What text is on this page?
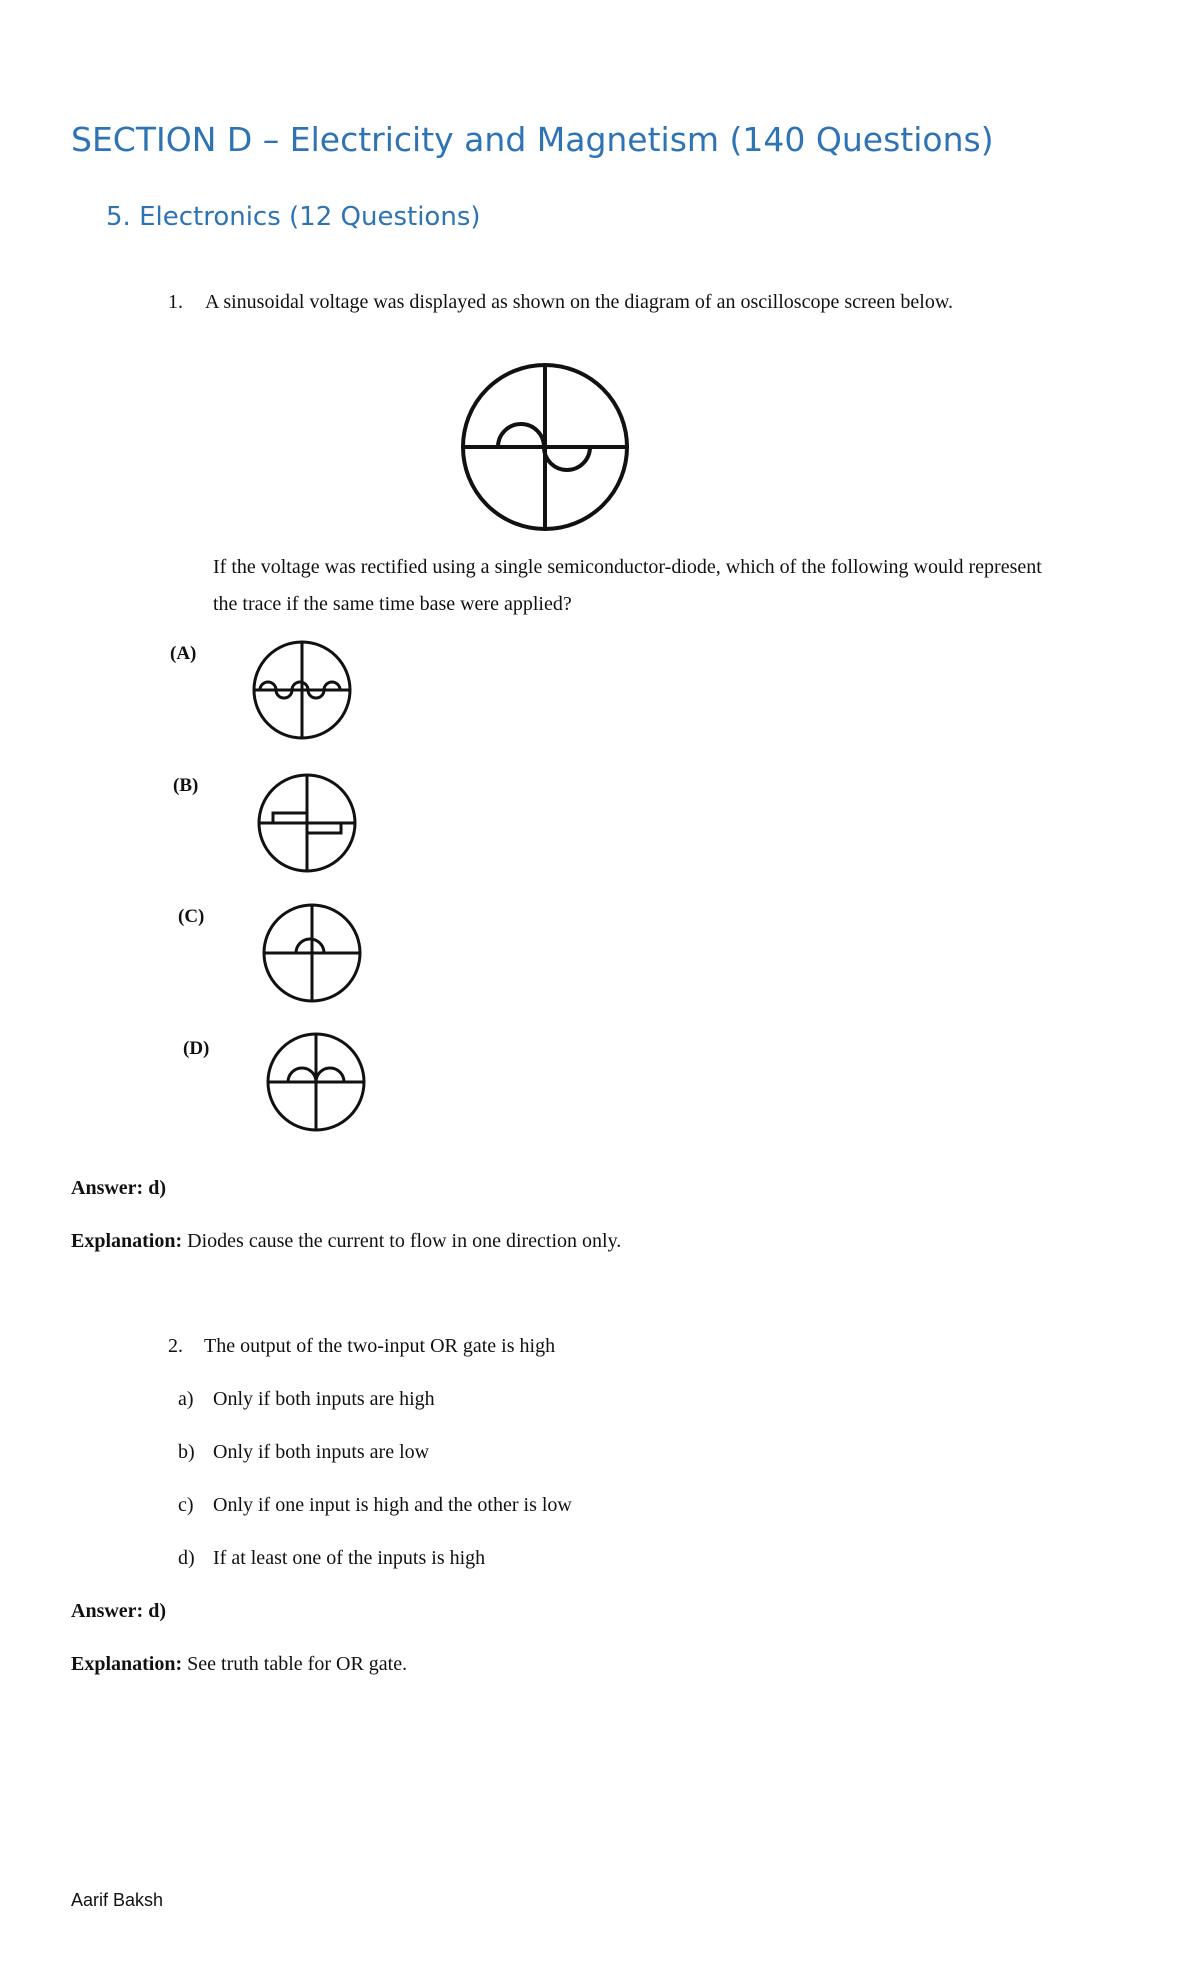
SECTION D – Electricity and Magnetism (140 Questions)
5. Electronics (12 Questions)
1. A sinusoidal voltage was displayed as shown on the diagram of an oscilloscope screen below.
If the voltage was rectified using a single semiconductor-diode, which of the following would represent
the trace if the same time base were applied?
(A)
(B)
(C)
(D)
Answer: d)
Explanation: Diodes cause the current to flow in one direction only.
2. The output of the two-input OR gate is high
a) Only if both inputs are high
b) Only if both inputs are low
c) Only if one input is high and the other is low
d) If at least one of the inputs is high
Answer: d)
Explanation: See truth table for OR gate.
Aarif Baksh
